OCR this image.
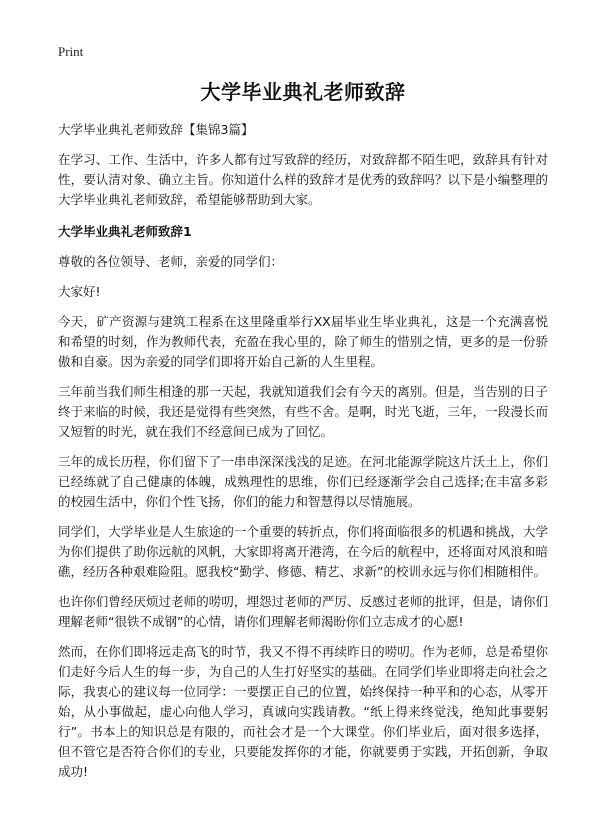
Print
大学毕业典礼老师致辞
大学毕业典礼老师致辞【集锦3篇】
在学习、工作、生活中，许多人都有过写致辞的经历，对致辞都不陌生吧，致辞具有针对性，要认清对象、确立主旨。你知道什么样的致辞才是优秀的致辞吗？以下是小编整理的大学毕业典礼老师致辞，希望能够帮助到大家。
大学毕业典礼老师致辞1
尊敬的各位领导、老师，亲爱的同学们：
大家好!
今天，矿产资源与建筑工程系在这里隆重举行XX届毕业生毕业典礼，这是一个充满喜悦和希望的时刻，作为教师代表，充盈在我心里的，除了师生的惜别之情，更多的是一份骄傲和自豪。因为亲爱的同学们即将开始自己新的人生里程。
三年前当我们师生相逢的那一天起，我就知道我们会有今天的离别。但是，当告别的日子终于来临的时候，我还是觉得有些突然，有些不舍。是啊，时光飞逝，三年，一段漫长而又短暂的时光，就在我们不经意间已成为了回忆。
三年的成长历程，你们留下了一串串深深浅浅的足迹。在河北能源学院这片沃土上，你们已经练就了自己健康的体魄，成熟理性的思维，你们已经逐渐学会自己选择;在丰富多彩的校园生活中，你们个性飞扬，你们的能力和智慧得以尽情施展。
同学们，大学毕业是人生旅途的一个重要的转折点，你们将面临很多的机遇和挑战，大学为你们提供了助你远航的风帆，大家即将离开港湾，在今后的航程中，还将面对风浪和暗礁，经历各种艰难险阻。愿我校“勤学、修德、精艺、求新”的校训永远与你们相随相伴。
也许你们曾经厌烦过老师的唠叨，埋怨过老师的严厉、反感过老师的批评，但是，请你们理解老师“很铁不成钢”的心情，请你们理解老师渴盼你们立志成才的心愿!
然而，在你们即将远走高飞的时节，我又不得不再续昨日的唠叨。作为老师，总是希望你们走好今后人生的每一步，为自己的人生打好坚实的基础。在同学们毕业即将走向社会之际，我衷心的建议每一位同学：一要摆正自己的位置，始终保持一种平和的心态，从零开始，从小事做起，虚心向他人学习，真诚向实践请教。“纸上得来终觉浅，绝知此事要躬行”。书本上的知识总是有限的，而社会才是一个大课堂。你们毕业后，面对很多选择，但不管它是否符合你们的专业，只要能发挥你的才能，你就要勇于实践，开拓创新，争取成功!
